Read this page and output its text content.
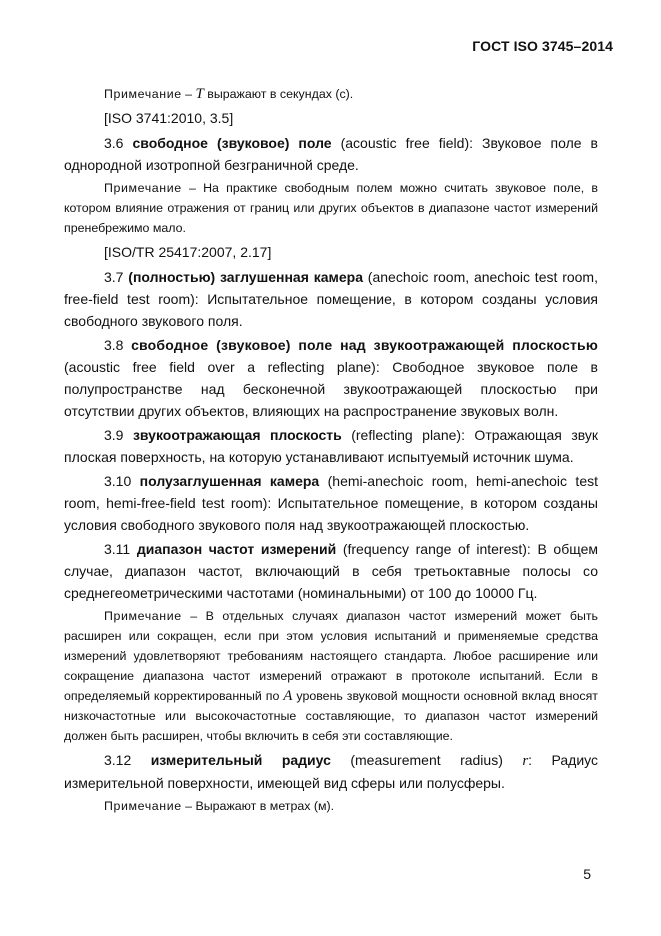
ГОСТ ISO 3745–2014

Примечание – T выражают в секундах (с).

[ISO 3741:2010, 3.5]

3.6 свободное (звуковое) поле (acoustic free field): Звуковое поле в однородной изотропной безграничной среде.

Примечание – На практике свободным полем можно считать звуковое поле, в котором влияние отражения от границ или других объектов в диапазоне частот измерений пренебрежимо мало.

[ISO/TR 25417:2007, 2.17]

3.7 (полностью) заглушенная камера (anechoic room, anechoic test room, free-field test room): Испытательное помещение, в котором созданы условия свободного звукового поля.

3.8 свободное (звуковое) поле над звукоотражающей плоскостью (acoustic free field over a reflecting plane): Свободное звуковое поле в полупространстве над бесконечной звукоотражающей плоскостью при отсутствии других объектов, влияющих на распространение звуковых волн.

3.9 звукоотражающая плоскость (reflecting plane): Отражающая звук плоская поверхность, на которую устанавливают испытуемый источник шума.

3.10 полузаглушенная камера (hemi-anechoic room, hemi-anechoic test room, hemi-free-field test room): Испытательное помещение, в котором созданы условия свободного звукового поля над звукоотражающей плоскостью.

3.11 диапазон частот измерений (frequency range of interest): В общем случае, диапазон частот, включающий в себя третьоктавные полосы со среднегеометрическими частотами (номинальными) от 100 до 10000 Гц.

Примечание – В отдельных случаях диапазон частот измерений может быть расширен или сокращен, если при этом условия испытаний и применяемые средства измерений удовлетворяют требованиям настоящего стандарта. Любое расширение или сокращение диапазона частот измерений отражают в протоколе испытаний. Если в определяемый корректированный по A уровень звуковой мощности основной вклад вносят низкочастотные или высокочастотные составляющие, то диапазон частот измерений должен быть расширен, чтобы включить в себя эти составляющие.

3.12 измерительный радиус (measurement radius) r: Радиус измерительной поверхности, имеющей вид сферы или полусферы.

Примечание – Выражают в метрах (м).

5
